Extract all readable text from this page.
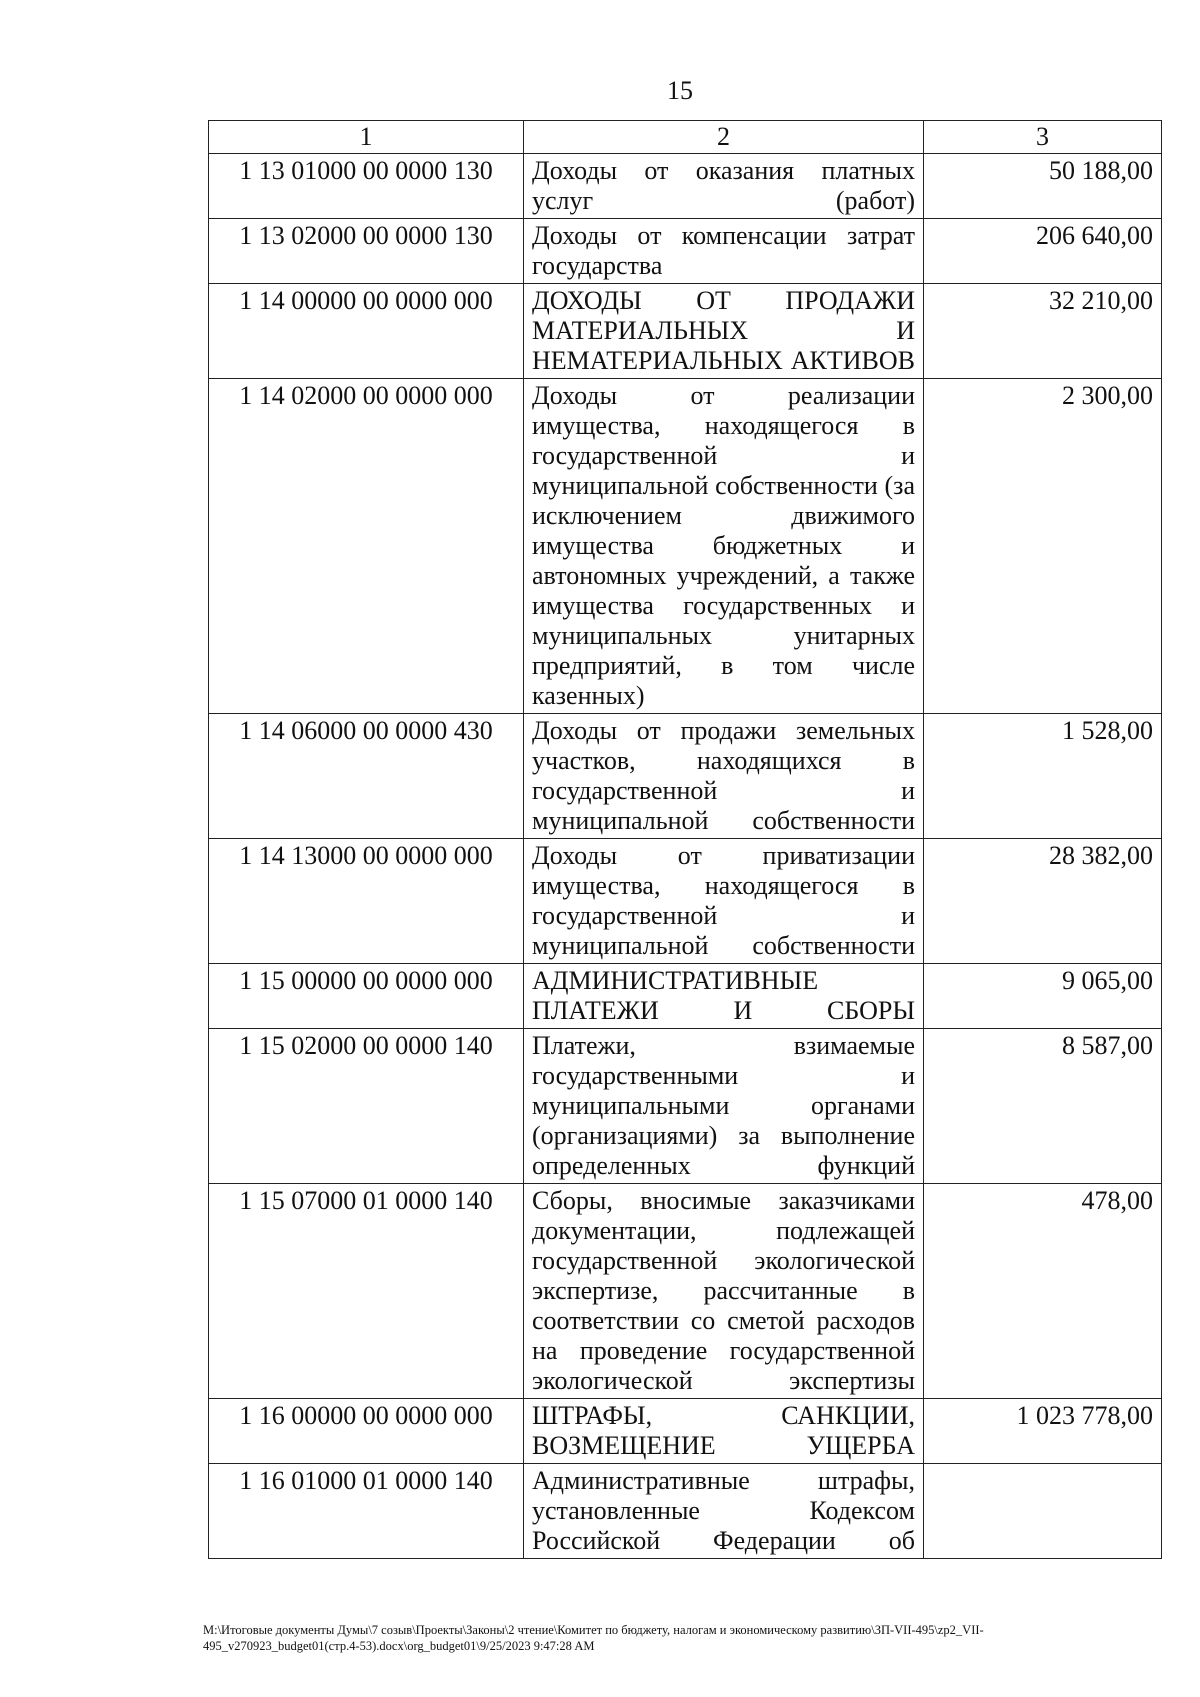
15
1	2	3
1 13 01000 00 0000 130	Доходы от оказания платных услуг (работ)	50 188,00
1 13 02000 00 0000 130	Доходы от компенсации затрат государства	206 640,00
1 14 00000 00 0000 000	ДОХОДЫ ОТ ПРОДАЖИ МАТЕРИАЛЬНЫХ И НЕМАТЕРИАЛЬНЫХ АКТИВОВ	32 210,00
1 14 02000 00 0000 000	Доходы от реализации имущества, находящегося в государственной и муниципальной собственности (за исключением движимого имущества бюджетных и автономных учреждений, а также имущества государственных и муниципальных унитарных предприятий, в том числе казенных)	2 300,00
1 14 06000 00 0000 430	Доходы от продажи земельных участков, находящихся в государственной и муниципальной собственности	1 528,00
1 14 13000 00 0000 000	Доходы от приватизации имущества, находящегося в государственной и муниципальной собственности	28 382,00
1 15 00000 00 0000 000	АДМИНИСТРАТИВНЫЕ ПЛАТЕЖИ И СБОРЫ	9 065,00
1 15 02000 00 0000 140	Платежи, взимаемые государственными и муниципальными органами (организациями) за выполнение определенных функций	8 587,00
1 15 07000 01 0000 140	Сборы, вносимые заказчиками документации, подлежащей государственной экологической экспертизе, рассчитанные в соответствии со сметой расходов на проведение государственной экологической экспертизы	478,00
1 16 00000 00 0000 000	ШТРАФЫ, САНКЦИИ, ВОЗМЕЩЕНИЕ УЩЕРБА	1 023 778,00
1 16 01000 01 0000 140	Административные штрафы, установленные Кодексом Российской Федерации об	
М:\Итоговые документы Думы\7 созыв\Проекты\Законы\2 чтение\Комитет по бюджету, налогам и экономическому развитию\ЗП-VII-495\zp2_VII-
495_v270923_budget01(стр.4-53).docx\org_budget01\9/25/2023 9:47:28 AM
